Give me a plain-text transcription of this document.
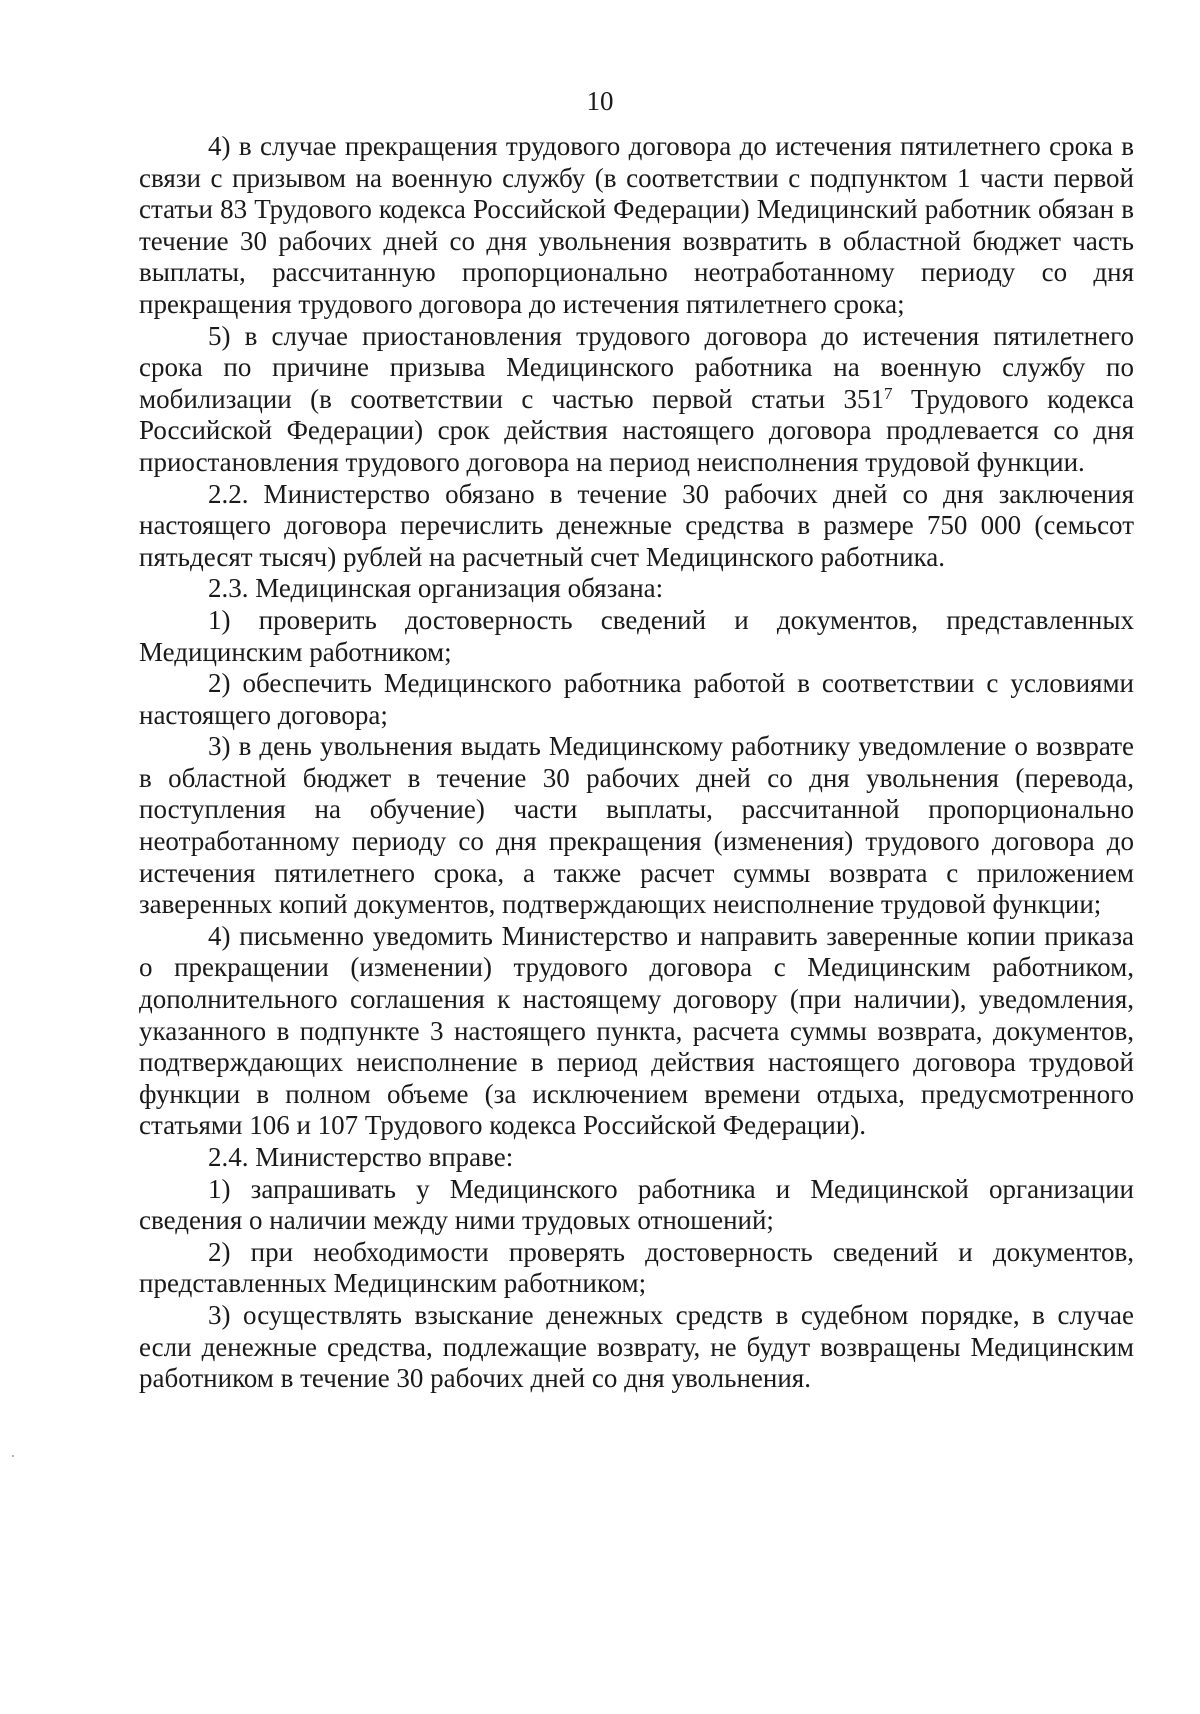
10

4) в случае прекращения трудового договора до истечения пятилетнего срока в связи с призывом на военную службу (в соответствии с подпунктом 1 части первой статьи 83 Трудового кодекса Российской Федерации) Медицинский работник обязан в течение 30 рабочих дней со дня увольнения возвратить в областной бюджет часть выплаты, рассчитанную пропорционально неотработанному периоду со дня прекращения трудового договора до истечения пятилетнего срока;

5) в случае приостановления трудового договора до истечения пятилетнего срока по причине призыва Медицинского работника на военную службу по мобилизации (в соответствии с частью первой статьи $351^7$ Трудового кодекса Российской Федерации) срок действия настоящего договора продлевается со дня приостановления трудового договора на период неисполнения трудовой функции.

2.2. Министерство обязано в течение 30 рабочих дней со дня заключения настоящего договора перечислить денежные средства в размере 750 000 (семьсот пятьдесят тысяч) рублей на расчетный счет Медицинского работника.

2.3. Медицинская организация обязана:

1) проверить достоверность сведений и документов, представленных Медицинским работником;

2) обеспечить Медицинского работника работой в соответствии с условиями настоящего договора;

3) в день увольнения выдать Медицинскому работнику уведомление о возврате в областной бюджет в течение 30 рабочих дней со дня увольнения (перевода, поступления на обучение) части выплаты, рассчитанной пропорционально неотработанному периоду со дня прекращения (изменения) трудового договора до истечения пятилетнего срока, а также расчет суммы возврата с приложением заверенных копий документов, подтверждающих неисполнение трудовой функции;

4) письменно уведомить Министерство и направить заверенные копии приказа о прекращении (изменении) трудового договора с Медицинским работником, дополнительного соглашения к настоящему договору (при наличии), уведомления, указанного в подпункте 3 настоящего пункта, расчета суммы возврата, документов, подтверждающих неисполнение в период действия настоящего договора трудовой функции в полном объеме (за исключением времени отдыха, предусмотренного статьями 106 и 107 Трудового кодекса Российской Федерации).

2.4. Министерство вправе:

1) запрашивать у Медицинского работника и Медицинской организации сведения о наличии между ними трудовых отношений;

2) при необходимости проверять достоверность сведений и документов, представленных Медицинским работником;

3) осуществлять взыскание денежных средств в судебном порядке, в случае если денежные средства, подлежащие возврату, не будут возвращены Медицинским работником в течение 30 рабочих дней со дня увольнения.
